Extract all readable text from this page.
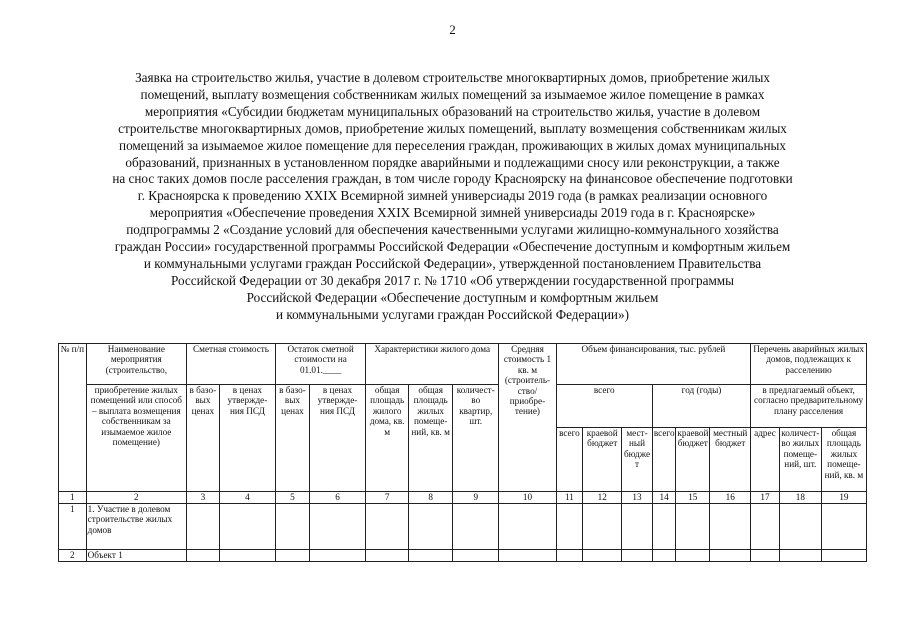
2
Заявка на строительство жилья, участие в долевом строительстве многоквартирных домов, приобретение жилых
помещений, выплату возмещения собственникам жилых помещений за изымаемое жилое помещение в рамках
мероприятия «Субсидии бюджетам муниципальных образований на строительство жилья, участие в долевом
строительстве многоквартирных домов, приобретение жилых помещений, выплату возмещения собственникам жилых
помещений за изымаемое жилое помещение для переселения граждан, проживающих в жилых домах муниципальных
образований, признанных в установленном порядке аварийными и подлежащими сносу или реконструкции, а также
на снос таких домов после расселения граждан, в том числе городу Красноярску на финансовое обеспечение подготовки
г. Красноярска к проведению XXIX Всемирной зимней универсиады 2019 года (в рамках реализации основного
мероприятия «Обеспечение проведения XXIX Всемирной зимней универсиады 2019 года в г. Красноярске»
подпрограммы 2 «Создание условий для обеспечения качественными услугами жилищно-коммунального хозяйства
граждан России» государственной программы Российской Федерации «Обеспечение доступным и комфортным жильем
и коммунальными услугами граждан Российской Федерации», утвержденной постановлением Правительства
Российской Федерации от 30 декабря 2017 г. № 1710 «Об утверждении государственной программы
Российской Федерации «Обеспечение доступным и комфортным жильем
и коммунальными услугами граждан Российской Федерации»)
№ п/п	Наименование мероприятия (строительство,	Сметная стоимость		Остаток сметной стоимости на 01.01.____		Характеристики жилого дома			Средняя стоимость 1 кв. м (строитель- ство/ приобре- тение)	Объем финансирования, тыс. рублей						Перечень аварийных жилых домов, подлежащих к расселению		
	приобретение жилых помещений или способ – выплата возмещения собственникам за изымаемое жилое помещение)	в базо- вых ценах	в ценах утвержде- ния ПСД	в базо- вых ценах	в ценах утвержде- ния ПСД	общая площадь жилого дома, кв. м	общая площадь жилых помеще- ний, кв. м	количест- во квартир, шт.		всего			год (годы)			в предлагаемый объект, согласно предварительному плану расселения		
										всего	краевой бюджет	мест- ный бюдже т	всего	краевой бюджет	местный бюджет	адрес	количест- во жилых помеще- ний, шт.	общая площадь жилых помеще- ний, кв. м
1	2	3	4	5	6	7	8	9	10	11	12	13	14	15	16	17	18	19
1	1. Участие в долевом строительстве жилых домов																	
2	Объект 1																	
